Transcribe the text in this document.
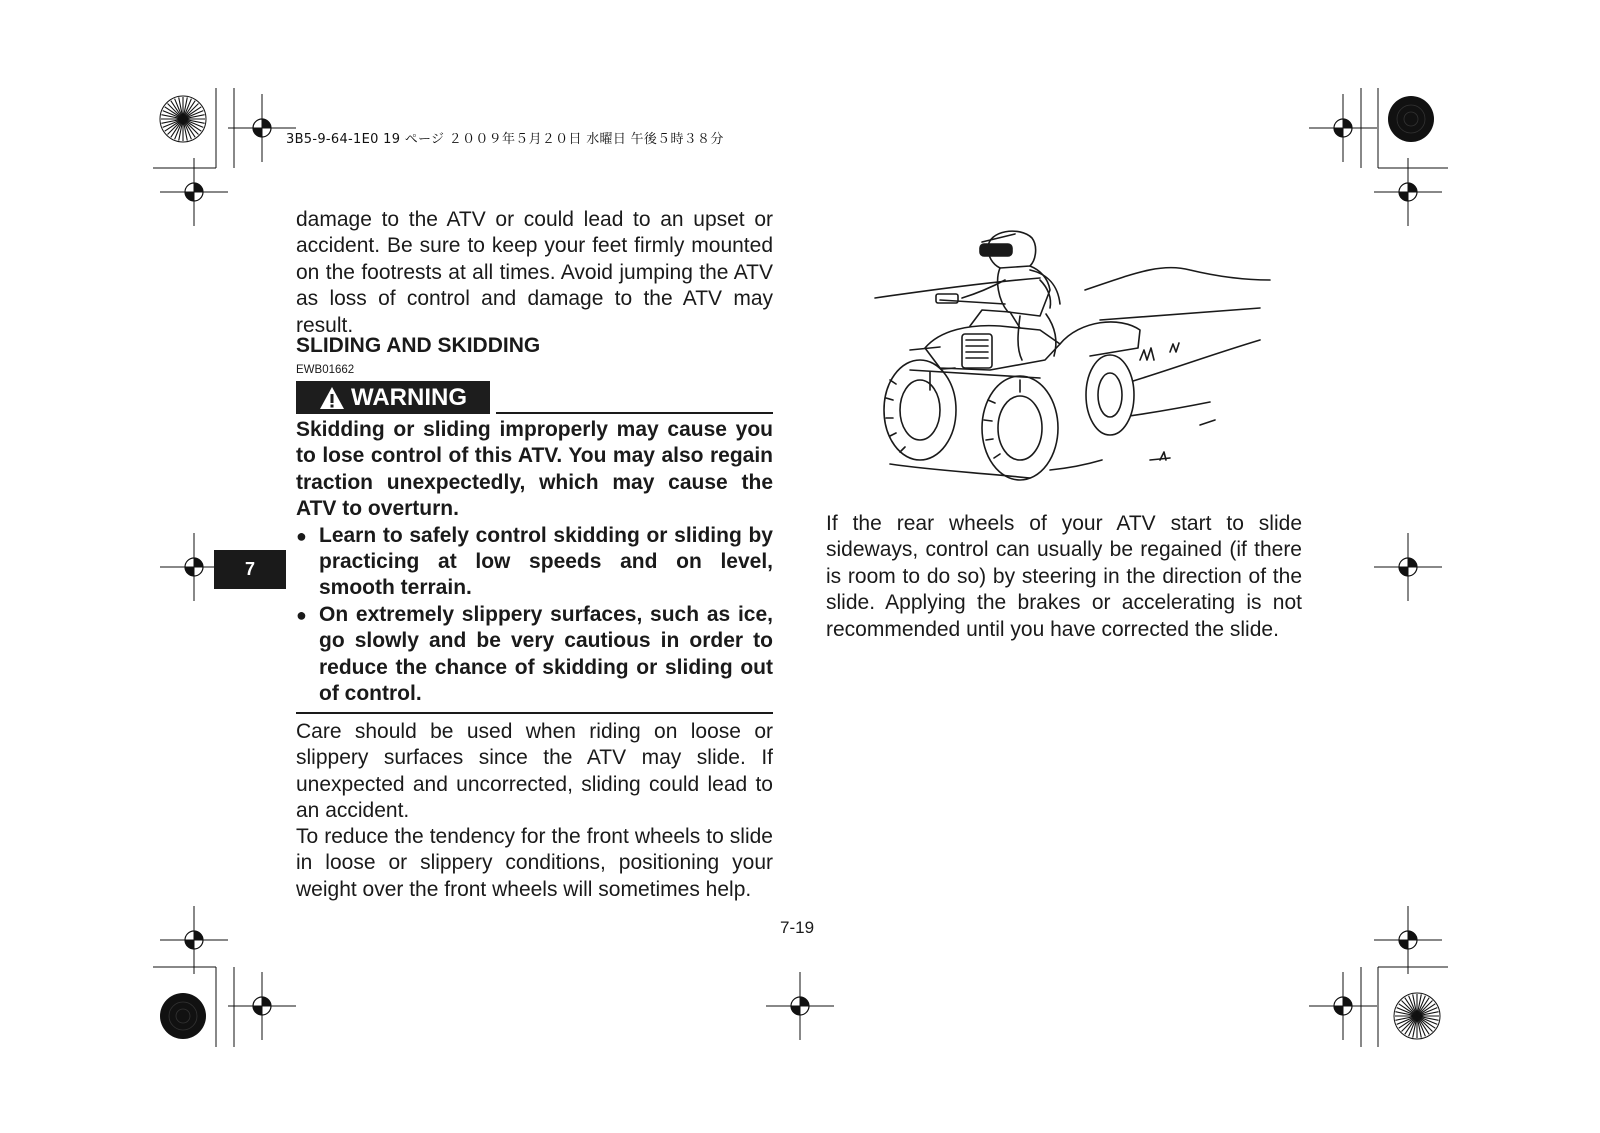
3B5-9-64-1E0 19 ページ ２００９年５月２０日 水曜日 午後５時３８分

damage to the ATV or could lead to an upset or accident. Be sure to keep your feet firmly mounted on the footrests at all times. Avoid jumping the ATV as loss of control and damage to the ATV may result.

SLIDING AND SKIDDING
EWB01662
WARNING

Skidding or sliding improperly may cause you to lose control of this ATV. You may also regain traction unexpectedly, which may cause the ATV to overturn.

● Learn to safely control skidding or sliding by practicing at low speeds and on level, smooth terrain.
● On extremely slippery surfaces, such as ice, go slowly and be very cautious in order to reduce the chance of skidding or sliding out of control.

Care should be used when riding on loose or slippery surfaces since the ATV may slide. If unexpected and uncorrected, sliding could lead to an accident.

To reduce the tendency for the front wheels to slide in loose or slippery conditions, positioning your weight over the front wheels will sometimes help.

7

If the rear wheels of your ATV start to slide sideways, control can usually be regained (if there is room to do so) by steering in the direction of the slide. Applying the brakes or accelerating is not recommended until you have corrected the slide.

7-19
